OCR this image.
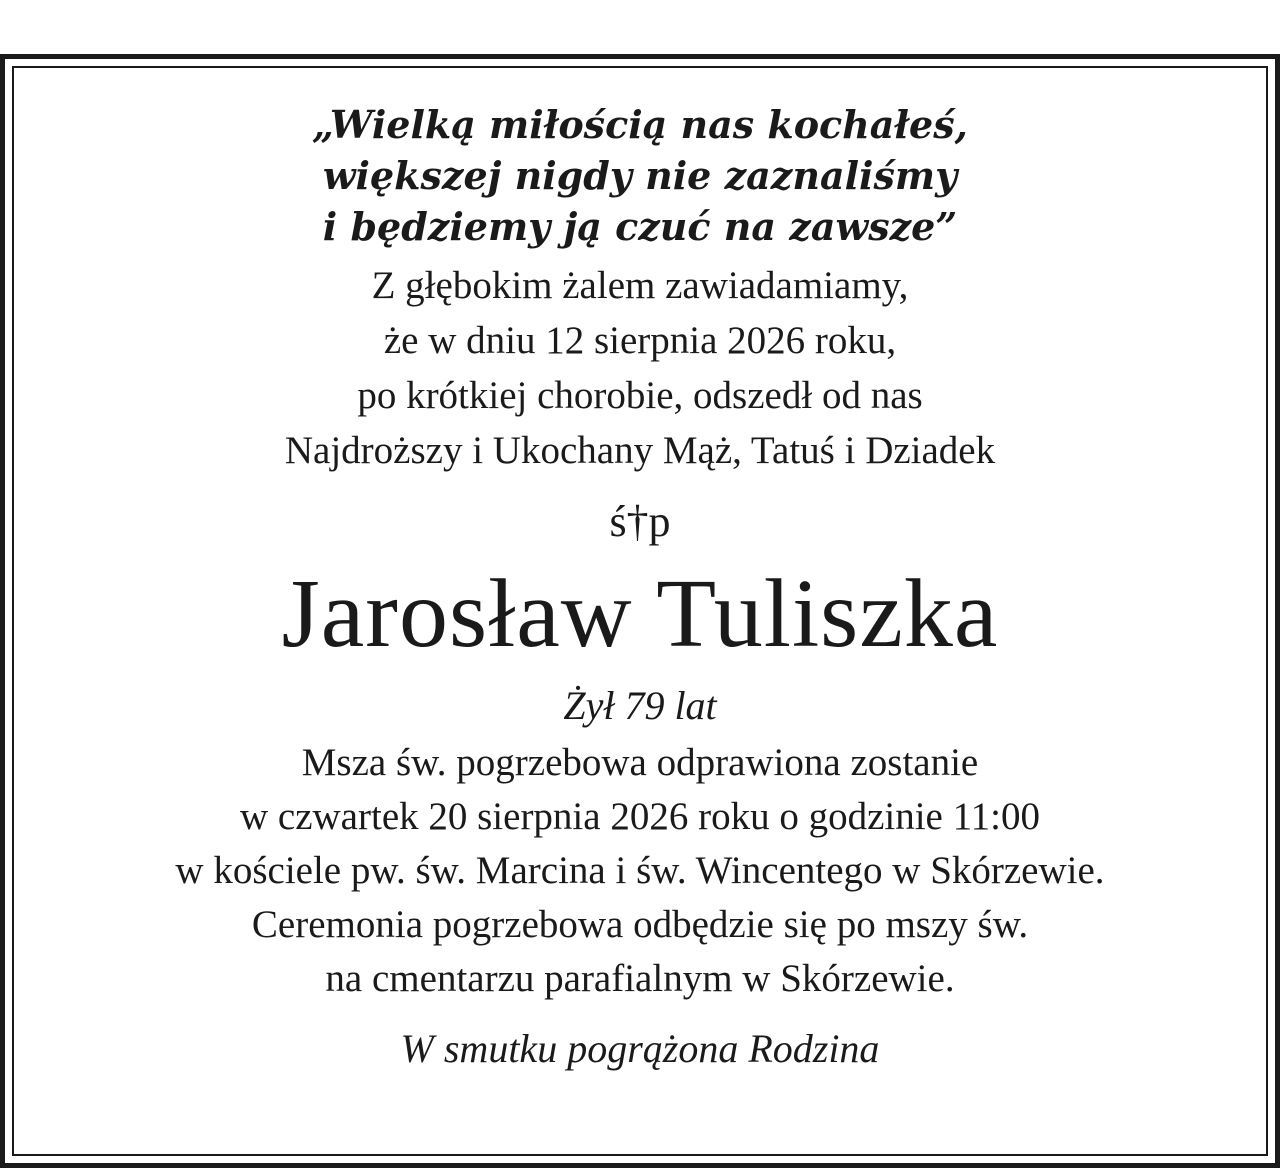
„Wielką miłością nas kochałeś,
większej nigdy nie zaznaliśmy
i będziemy ją czuć na zawsze”
Z głębokim żalem zawiadamiamy,
że w dniu 12 sierpnia 2026 roku,
po krótkiej chorobie, odszedł od nas
Najdroższy i Ukochany Mąż, Tatuś i Dziadek
ś†p
Jarosław Tuliszka
Żył 79 lat
Msza św. pogrzebowa odprawiona zostanie
w czwartek 20 sierpnia 2026 roku o godzinie 11:00
w kościele pw. św. Marcina i św. Wincentego w Skórzewie.
Ceremonia pogrzebowa odbędzie się po mszy św.
na cmentarzu parafialnym w Skórzewie.
W smutku pogrążona Rodzina
